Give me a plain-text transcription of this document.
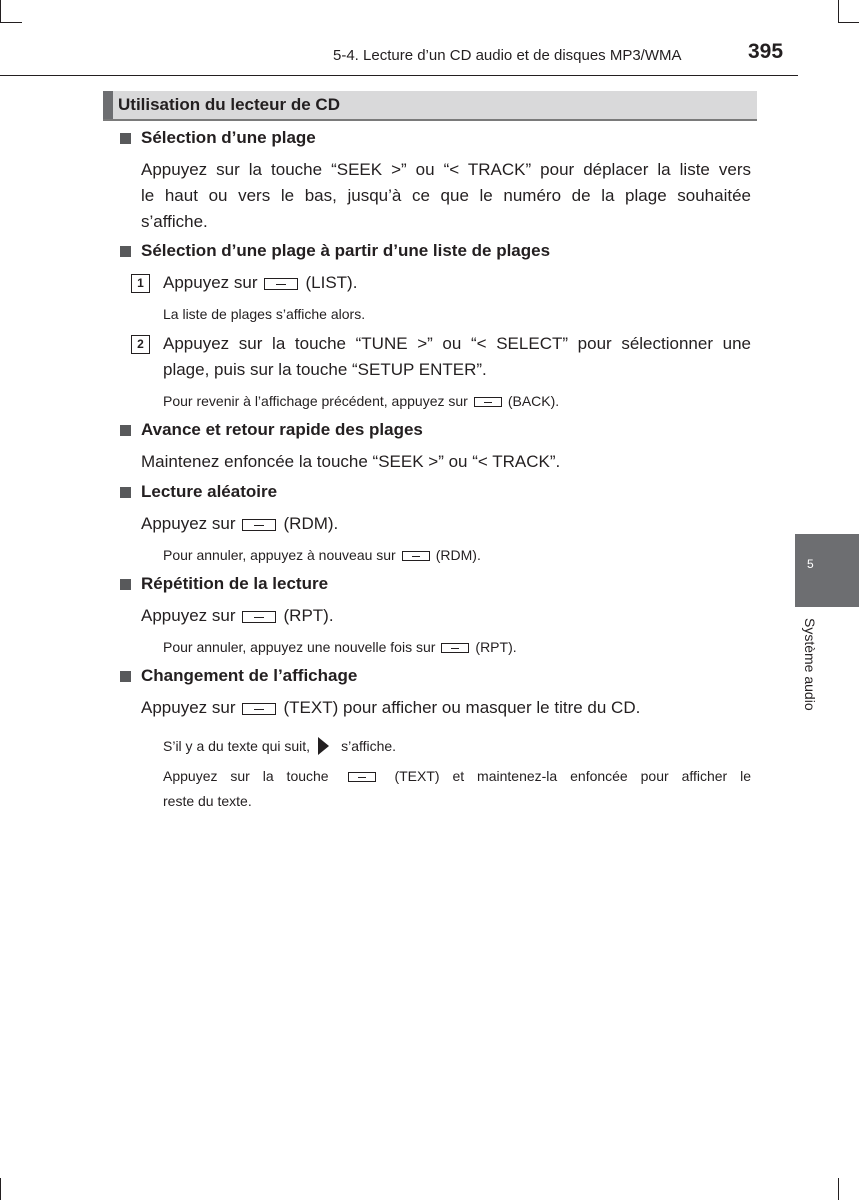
5-4. Lecture d’un CD audio et de disques MP3/WMA	395
Utilisation du lecteur de CD
Sélection d’une plage
Appuyez sur la touche “SEEK >” ou “< TRACK” pour déplacer la liste vers
le haut ou vers le bas, jusqu’à ce que le numéro de la plage souhaitée
s’affiche.
Sélection d’une plage à partir d’une liste de plages
1	Appuyez sur	(LIST).
La liste de plages s’affiche alors.
2	Appuyez sur la touche “TUNE >” ou “< SELECT” pour sélectionner une
plage, puis sur la touche “SETUP ENTER”.
Pour revenir à l’affichage précédent, appuyez sur	(BACK).
Avance et retour rapide des plages
Maintenez enfoncée la touche “SEEK >” ou “< TRACK”.
Lecture aléatoire
Appuyez sur	(RDM).
Pour annuler, appuyez à nouveau sur	(RDM).
Répétition de la lecture
Appuyez sur	(RPT).
Pour annuler, appuyez une nouvelle fois sur	(RPT).
Changement de l’affichage
Appuyez sur	(TEXT) pour afficher ou masquer le titre du CD.
S’il y a du texte qui suit, s’affiche.
Appuyez sur la touche	(TEXT) et maintenez-la enfoncée pour afficher le
reste du texte.
5
Système audio
